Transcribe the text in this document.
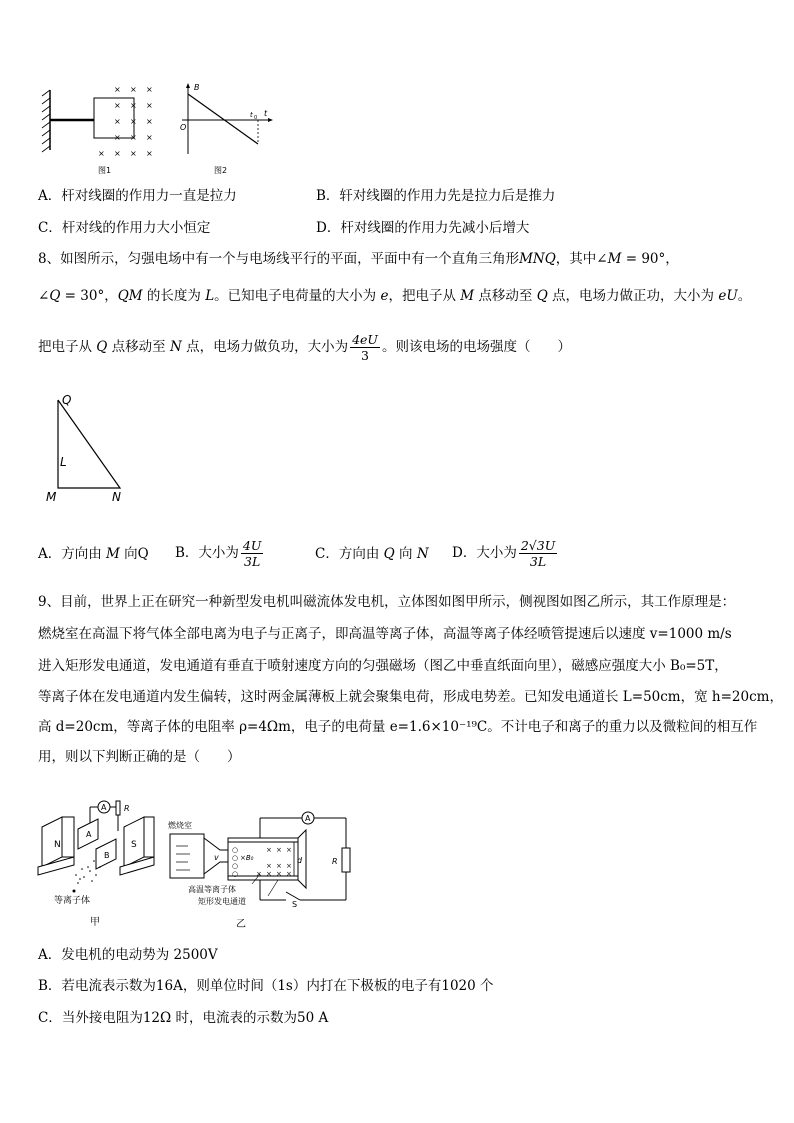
× × ×
× × ×
× × ×
× × ×
× × × ×
图1
B
t
O
t 0
图2
A．杆对线圈的作用力一直是拉力	B．轩对线圈的作用力先是拉力后是推力
C．杆对线的作用力大小恒定	D．杆对线圈的作用力先减小后增大
8、如图所示，匀强电场中有一个与电场线平行的平面，平面中有一个直角三角形MNQ，其中∠M = 90°，
∠Q = 30°，QM 的长度为 L。已知电子电荷量的大小为 e，把电子从 M 点移动至 Q 点，电场力做正功，大小为 eU。
把电子从 Q 点移动至 N 点，电场力做负功，大小为 $\frac{4eU}{3}$ 。则该电场的电场强度（　　）
Q
L
M	N
A．方向由 M 向Q B．大小为 $\frac{4U}{3L}$	C．方向由 Q 向 N D．大小为 $\frac{2√3U}{3L}$
9、目前，世界上正在研究一种新型发电机叫磁流体发电机，立体图如图甲所示，侧视图如图乙所示，其工作原理是：
燃烧室在高温下将气体全部电离为电子与正离子，即高温等离子体，高温等离子体经喷管提速后以速度 v=1000 m/s
进入矩形发电通道，发电通道有垂直于喷射速度方向的匀强磁场（图乙中垂直纸面向里），磁感应强度大小 B₀=5T，
等离子体在发电通道内发生偏转，这时两金属薄板上就会聚集电荷，形成电势差。已知发电通道长 L=50cm，宽 h=20cm，
高 d=20cm，等离子体的电阻率 ρ=4Ωm，电子的电荷量 e=1.6×10⁻¹⁹C。不计电子和离子的重力以及微粒间的相互作
用，则以下判断正确的是（　　）
A R
N
A
B
S
等离子体
甲
A
R
S
燃烧室
v
○
○
○
○
× × ×
× × ×
× × × ×
×B₀	d
高温等离子体
矩形发电通道
乙
A．发电机的电动势为 2500V
B．若电流表示数为16A，则单位时间（1s）内打在下极板的电子有1020 个
C．当外接电阻为12Ω 时，电流表的示数为50 A
